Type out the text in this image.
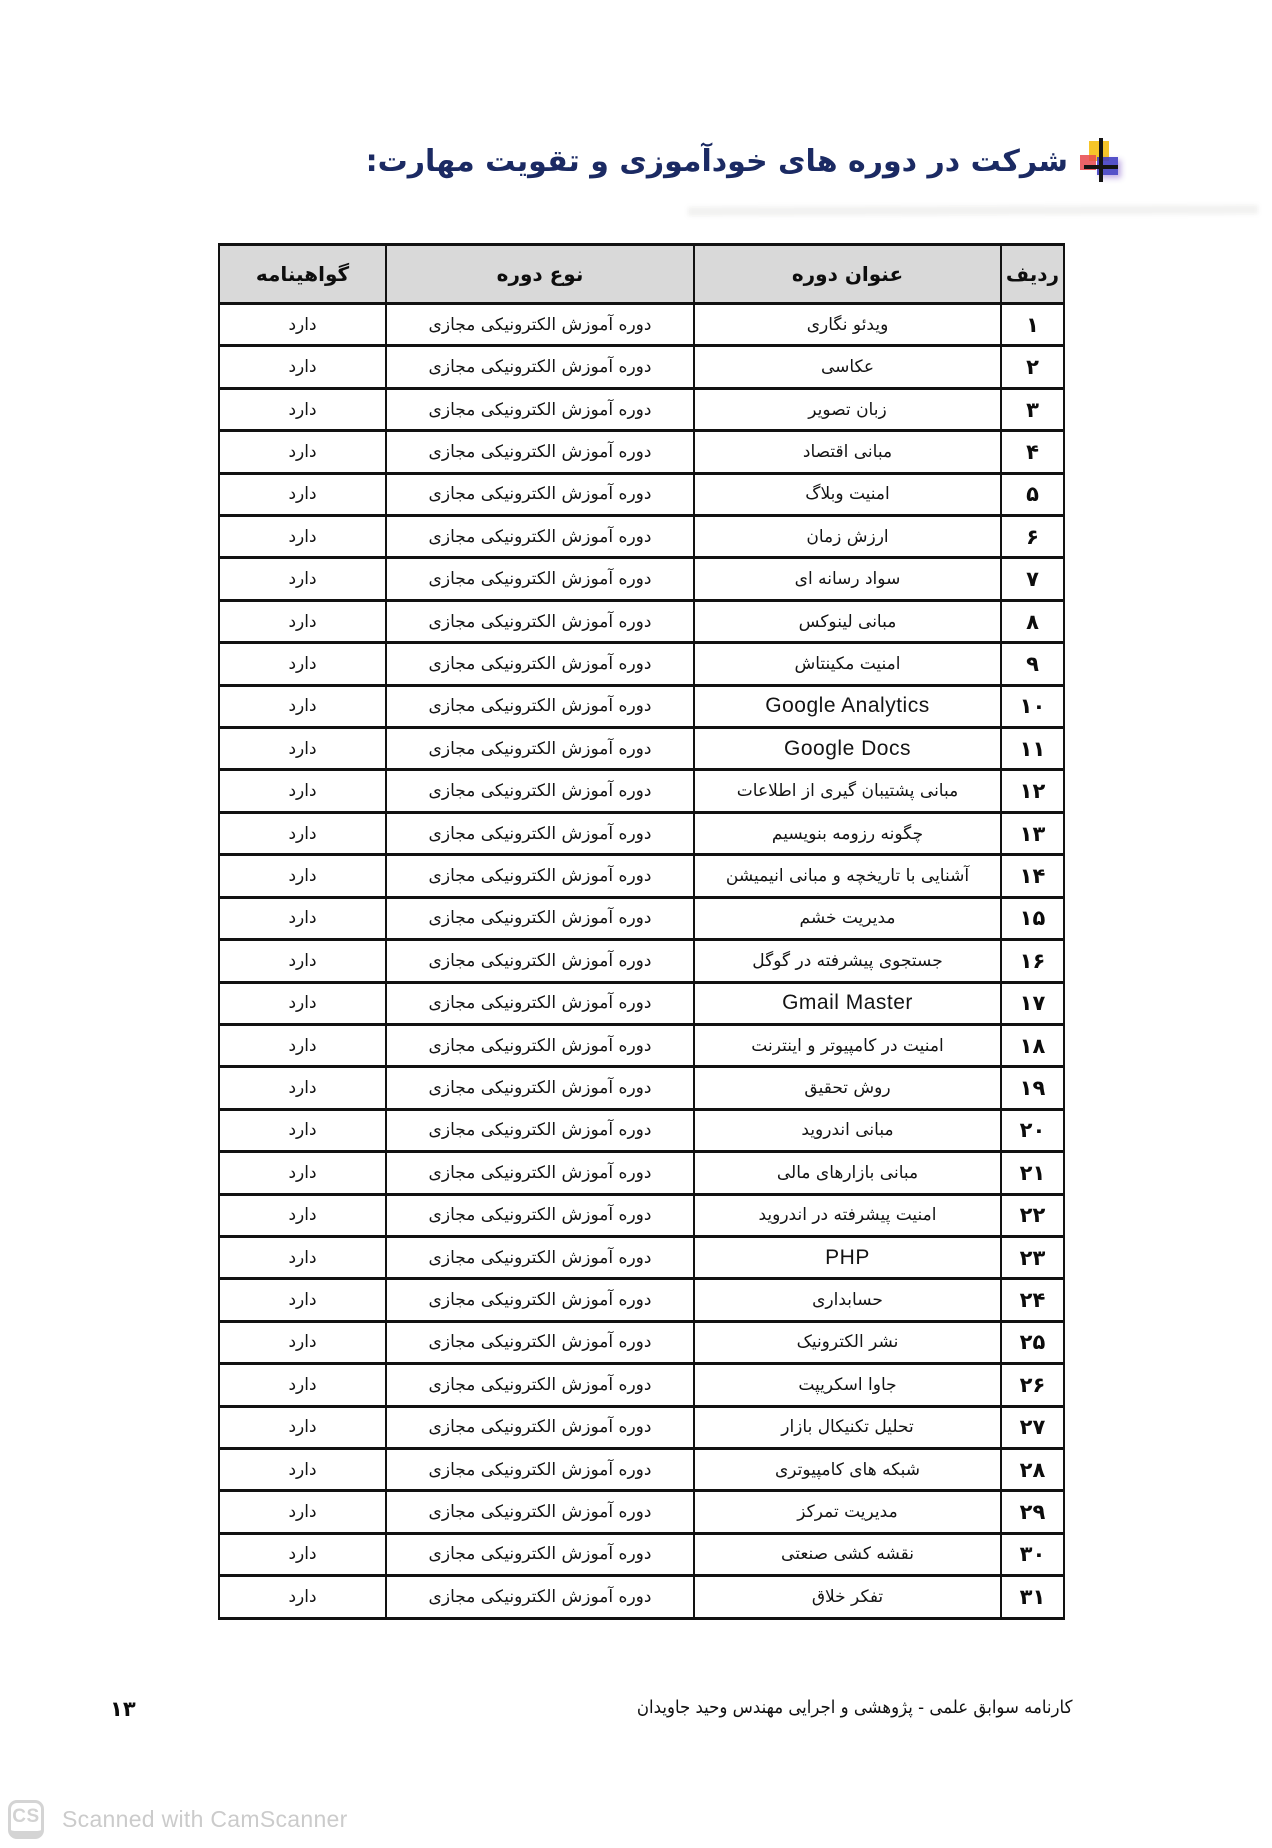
شرکت در دوره های خودآموزی و تقویت مهارت:
ردیف	عنوان دوره	نوع دوره	گواهینامه
۱	ویدئو نگاری	دوره آموزش الکترونیکی مجازی	دارد
۲	عکاسی	دوره آموزش الکترونیکی مجازی	دارد
۳	زبان تصویر	دوره آموزش الکترونیکی مجازی	دارد
۴	مبانی اقتصاد	دوره آموزش الکترونیکی مجازی	دارد
۵	امنیت وبلاگ	دوره آموزش الکترونیکی مجازی	دارد
۶	ارزش زمان	دوره آموزش الکترونیکی مجازی	دارد
۷	سواد رسانه ای	دوره آموزش الکترونیکی مجازی	دارد
۸	مبانی لینوکس	دوره آموزش الکترونیکی مجازی	دارد
۹	امنیت مکینتاش	دوره آموزش الکترونیکی مجازی	دارد
۱۰	Google Analytics	دوره آموزش الکترونیکی مجازی	دارد
۱۱	Google Docs	دوره آموزش الکترونیکی مجازی	دارد
۱۲	مبانی پشتیبان گیری از اطلاعات	دوره آموزش الکترونیکی مجازی	دارد
۱۳	چگونه رزومه بنویسیم	دوره آموزش الکترونیکی مجازی	دارد
۱۴	آشنایی با تاریخچه و مبانی انیمیشن	دوره آموزش الکترونیکی مجازی	دارد
۱۵	مدیریت خشم	دوره آموزش الکترونیکی مجازی	دارد
۱۶	جستجوی پیشرفته در گوگل	دوره آموزش الکترونیکی مجازی	دارد
۱۷	Gmail Master	دوره آموزش الکترونیکی مجازی	دارد
۱۸	امنیت در کامپیوتر و اینترنت	دوره آموزش الکترونیکی مجازی	دارد
۱۹	روش تحقیق	دوره آموزش الکترونیکی مجازی	دارد
۲۰	مبانی اندروید	دوره آموزش الکترونیکی مجازی	دارد
۲۱	مبانی بازارهای مالی	دوره آموزش الکترونیکی مجازی	دارد
۲۲	امنیت پیشرفته در اندروید	دوره آموزش الکترونیکی مجازی	دارد
۲۳	PHP	دوره آموزش الکترونیکی مجازی	دارد
۲۴	حسابداری	دوره آموزش الکترونیکی مجازی	دارد
۲۵	نشر الکترونیک	دوره آموزش الکترونیکی مجازی	دارد
۲۶	جاوا اسکریپت	دوره آموزش الکترونیکی مجازی	دارد
۲۷	تحلیل تکنیکال بازار	دوره آموزش الکترونیکی مجازی	دارد
۲۸	شبکه های کامپیوتری	دوره آموزش الکترونیکی مجازی	دارد
۲۹	مدیریت تمرکز	دوره آموزش الکترونیکی مجازی	دارد
۳۰	نقشه کشی صنعتی	دوره آموزش الکترونیکی مجازی	دارد
۳۱	تفکر خلاق	دوره آموزش الکترونیکی مجازی	دارد
کارنامه سوابق علمی - پژوهشی و اجرایی مهندس وحید جاویدان
۱۳
CS Scanned with CamScanner
